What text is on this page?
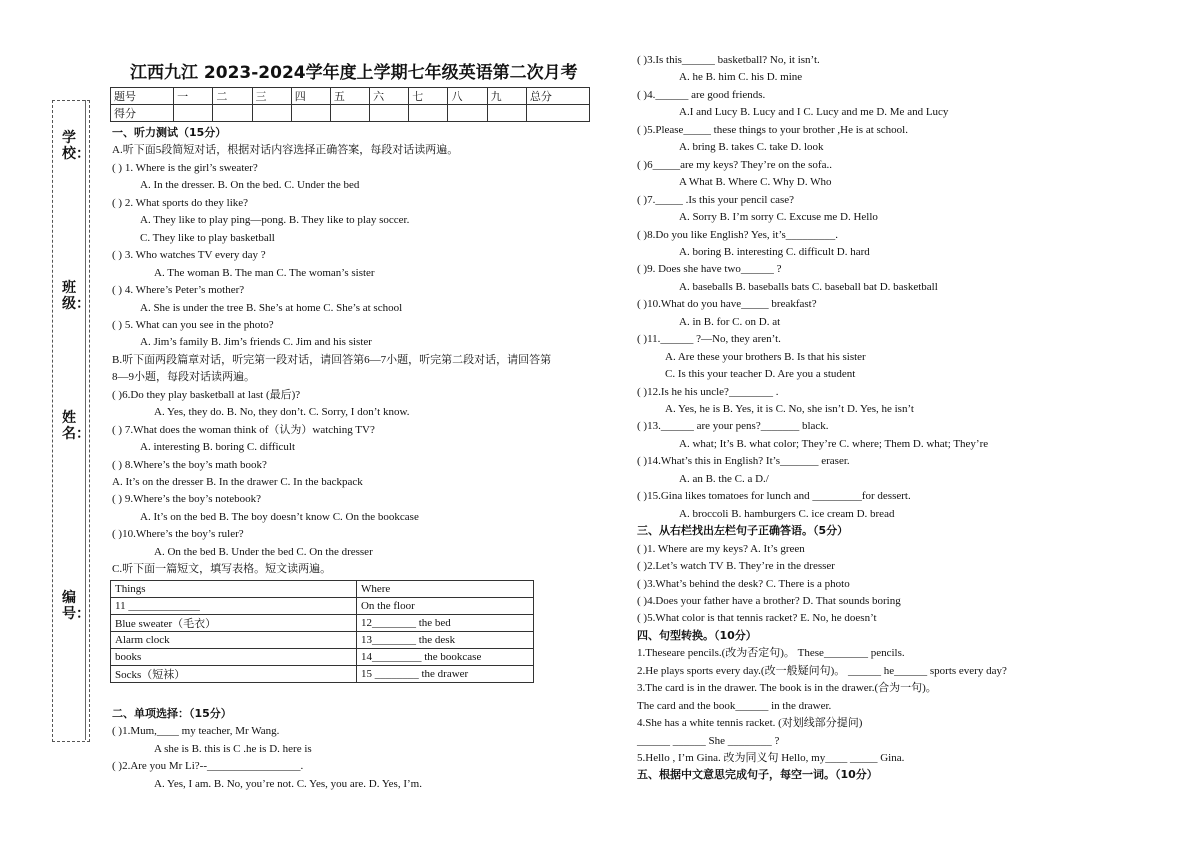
学校：
班级：
姓名：
编号：
江西九江 2023-2024学年度上学期七年级英语第二次月考
题号	一	二	三	四	五	六	七	八	九	总分
得分										
一、听力测试（15分）
A.听下面5段简短对话，根据对话内容选择正确答案，每段对话读两遍。
( ) 1. Where is the girl’s sweater?
A. In the dresser. B. On the bed. C. Under the bed
( ) 2. What sports do they like?
A. They like to play ping—pong. B. They like to play soccer.
C. They like to play basketball
( ) 3. Who watches TV every day ?
A. The woman B. The man C. The woman’s sister
( ) 4. Where’s Peter’s mother?
A. She is under the tree B. She’s at home C. She’s at school
( ) 5. What can you see in the photo?
A. Jim’s family B. Jim’s friends C. Jim and his sister
B.听下面两段篇章对话，听完第一段对话，请回答第6—7小题，听完第二段对话，请回答第
8—9小题，每段对话读两遍。
( )6.Do they play basketball at last (最后)?
A. Yes, they do. B. No, they don’t. C. Sorry, I don’t know.
( ) 7.What does the woman think of（认为）watching TV?
A. interesting B. boring C. difficult
( ) 8.Where’s the boy’s math book?
A. It’s on the dresser B. In the drawer C. In the backpack
( ) 9.Where’s the boy’s notebook?
A. It’s on the bed B. The boy doesn’t know C. On the bookcase
( )10.Where’s the boy’s ruler?
A. On the bed B. Under the bed C. On the dresser
C.听下面一篇短文，填写表格。短文读两遍。
Things	Where
11 _____________	On the floor
Blue sweater（毛衣）	12________ the bed
Alarm clock	13________ the desk
books	14_________ the bookcase
Socks（短袜）	15 ________ the drawer
二、单项选择：（15分）
( )1.Mum,____ my teacher, Mr Wang.
A she is B. this is C .he is D. here is
( )2.Are you Mr Li?--_________________.
A. Yes, I am. B. No, you’re not. C. Yes, you are. D. Yes, I’m.
( )3.Is this______ basketball? No, it isn’t.
A. he B. him C. his D. mine
( )4.______ are good friends.
A.I and Lucy B. Lucy and I C. Lucy and me D. Me and Lucy
( )5.Please_____ these things to your brother ,He is at school.
A. bring B. takes C. take D. look
( )6_____are my keys? They’re on the sofa..
A What B. Where C. Why D. Who
( )7._____ .Is this your pencil case?
A. Sorry B. I’m sorry C. Excuse me D. Hello
( )8.Do you like English? Yes, it’s_________.
A. boring B. interesting C. difficult D. hard
( )9. Does she have two______ ?
A. baseballs B. baseballs bats C. baseball bat D. basketball
( )10.What do you have_____ breakfast?
A. in B. for C. on D. at
( )11.______ ?—No, they aren’t.
A. Are these your brothers B. Is that his sister
C. Is this your teacher D. Are you a student
( )12.Is he his uncle?________ .
A. Yes, he is B. Yes, it is C. No, she isn’t D. Yes, he isn’t
( )13.______ are your pens?_______ black.
A. what; It’s B. what color; They’re C. where; Them D. what; They’re
( )14.What’s this in English? It’s_______ eraser.
A. an B. the C. a D./
( )15.Gina likes tomatoes for lunch and _________for dessert.
A. broccoli B. hamburgers C. ice cream D. bread
三、从右栏找出左栏句子正确答语。（5分）
( )1. Where are my keys? A. It’s green
( )2.Let’s watch TV B. They’re in the dresser
( )3.What’s behind the desk? C. There is a photo
( )4.Does your father have a brother? D. That sounds boring
( )5.What color is that tennis racket? E. No, he doesn’t
四、句型转换。（10分）
1.Theseare pencils.(改为否定句)。 These________ pencils.
2.He plays sports every day.(改一般疑问句)。 ______ he______ sports every day?
3.The card is in the drawer. The book is in the drawer.(合为一句)。
The card and the book______ in the drawer.
4.She has a white tennis racket. (对划线部分提问)
______ ______ She ________ ?
5.Hello , I’m Gina. 改为同义句 Hello, my____ _____ Gina.
五、根据中文意思完成句子，每空一词。（10分）
